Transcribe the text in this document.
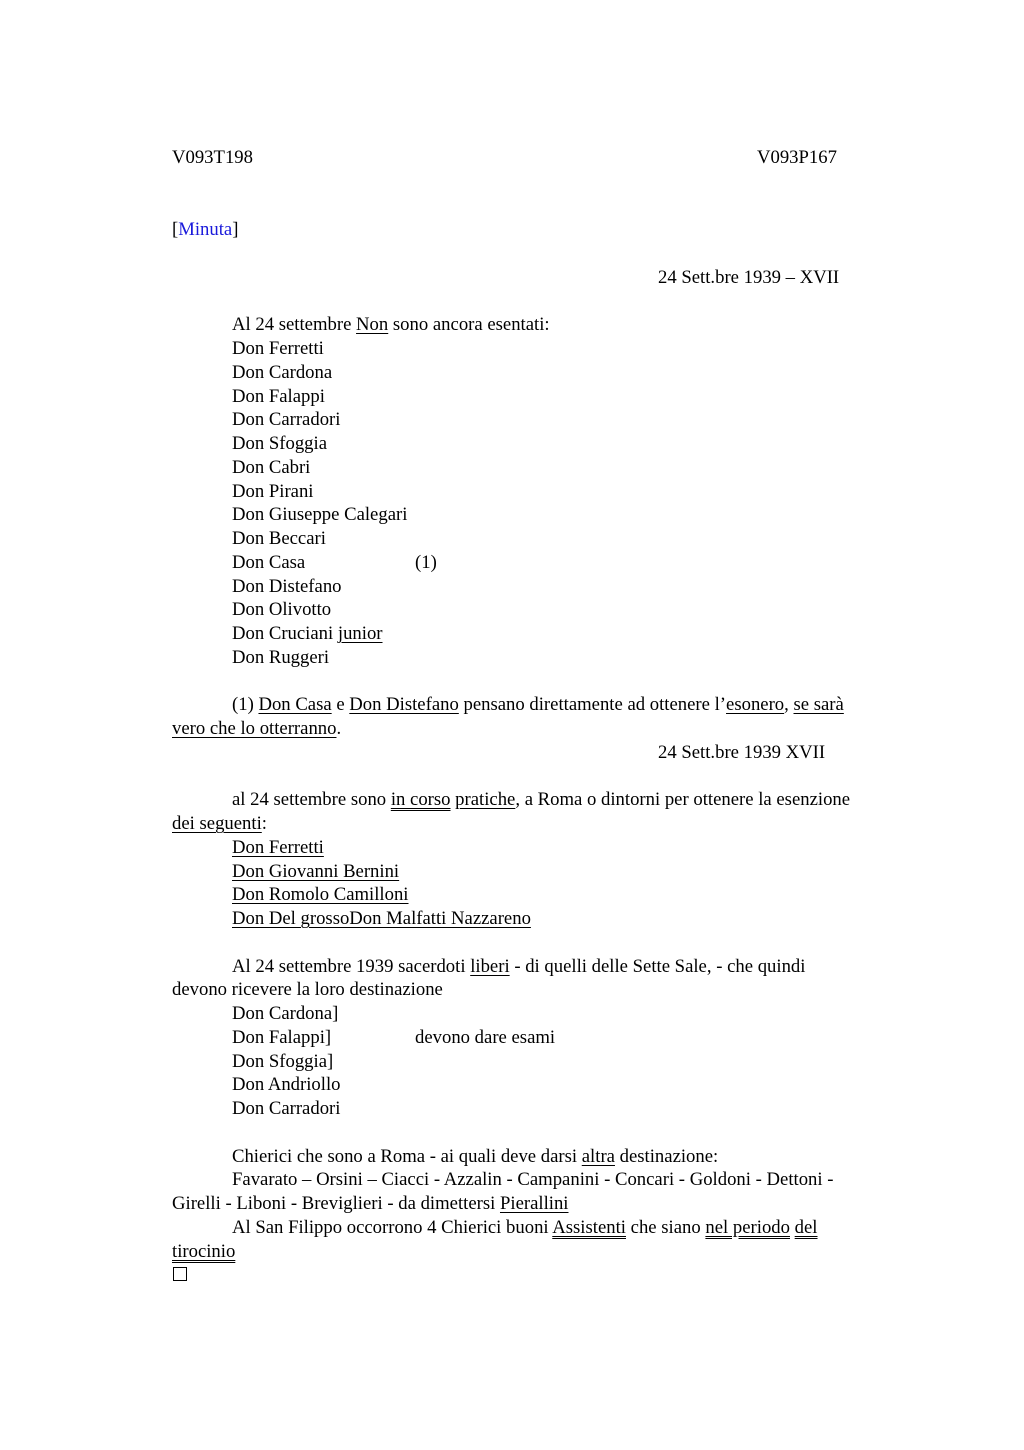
V093T198	V093P167
[Minuta]
24 Sett.bre 1939 – XVII
Al 24 settembre Non sono ancora esentati:
Don Ferretti
Don Cardona
Don Falappi
Don Carradori
Don Sfoggia
Don Cabri
Don Pirani
Don Giuseppe Calegari
Don Beccari
Don Casa	(1)
Don Distefano
Don Olivotto
Don Cruciani junior
Don Ruggeri
(1) Don Casa e Don Distefano pensano direttamente ad ottenere l’esonero, se sarà
vero che lo otterranno.
24 Sett.bre 1939 XVII
al 24 settembre sono in corso pratiche, a Roma o dintorni per ottenere la esenzione
dei seguenti:
Don Ferretti
Don Giovanni Bernini
Don Romolo Camilloni
Don Del grossoDon Malfatti Nazzareno
Al 24 settembre 1939 sacerdoti liberi - di quelli delle Sette Sale, - che quindi
devono ricevere la loro destinazione
Don Cardona]
Don Falappi]	devono dare esami
Don Sfoggia]
Don Andriollo
Don Carradori
Chierici che sono a Roma - ai quali deve darsi altra destinazione:
Favarato – Orsini – Ciacci - Azzalin - Campanini - Concari - Goldoni - Dettoni -
Girelli - Liboni - Breviglieri - da dimettersi Pierallini
Al San Filippo occorrono 4 Chierici buoni Assistenti che siano nel periodo del
tirocinio
